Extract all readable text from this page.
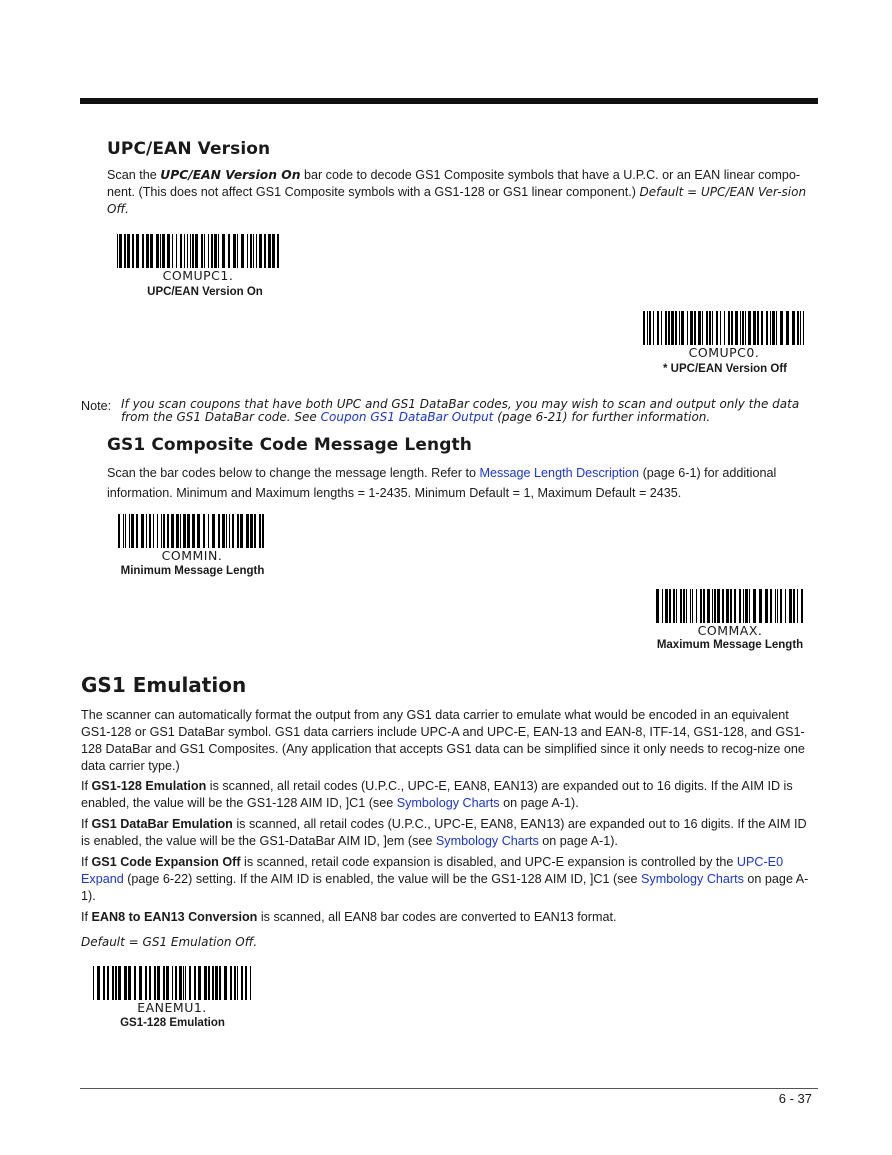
UPC/EAN Version

Scan the UPC/EAN Version On bar code to decode GS1 Composite symbols that have a U.P.C. or an EAN linear compo-nent. (This does not affect GS1 Composite symbols with a GS1-128 or GS1 linear component.) Default = UPC/EAN Ver-sion Off.

COMUPC1.
UPC/EAN Version On
COMUPC0.
* UPC/EAN Version Off
Note: If you scan coupons that have both UPC and GS1 DataBar codes, you may wish to scan and output only the data from the GS1 DataBar code. See Coupon GS1 DataBar Output (page 6-21) for further information.

GS1 Composite Code Message Length

Scan the bar codes below to change the message length. Refer to Message Length Description (page 6-1) for additional information. Minimum and Maximum lengths = 1-2435. Minimum Default = 1, Maximum Default = 2435.

COMMIN.
Minimum Message Length
COMMAX.
Maximum Message Length
GS1 Emulation

The scanner can automatically format the output from any GS1 data carrier to emulate what would be encoded in an equivalent GS1-128 or GS1 DataBar symbol. GS1 data carriers include UPC-A and UPC-E, EAN-13 and EAN-8, ITF-14, GS1-128, and GS1-128 DataBar and GS1 Composites. (Any application that accepts GS1 data can be simplified since it only needs to recog-nize one data carrier type.)

If GS1-128 Emulation is scanned, all retail codes (U.P.C., UPC-E, EAN8, EAN13) are expanded out to 16 digits. If the AIM ID is enabled, the value will be the GS1-128 AIM ID, ]C1 (see Symbology Charts on page A-1).

If GS1 DataBar Emulation is scanned, all retail codes (U.P.C., UPC-E, EAN8, EAN13) are expanded out to 16 digits. If the AIM ID is enabled, the value will be the GS1-DataBar AIM ID, ]em (see Symbology Charts on page A-1).

If GS1 Code Expansion Off is scanned, retail code expansion is disabled, and UPC-E expansion is controlled by the UPC-E0 Expand (page 6-22) setting. If the AIM ID is enabled, the value will be the GS1-128 AIM ID, ]C1 (see Symbology Charts on page A-1).

If EAN8 to EAN13 Conversion is scanned, all EAN8 bar codes are converted to EAN13 format.

Default = GS1 Emulation Off.

EANEMU1.
GS1-128 Emulation
6 - 37
